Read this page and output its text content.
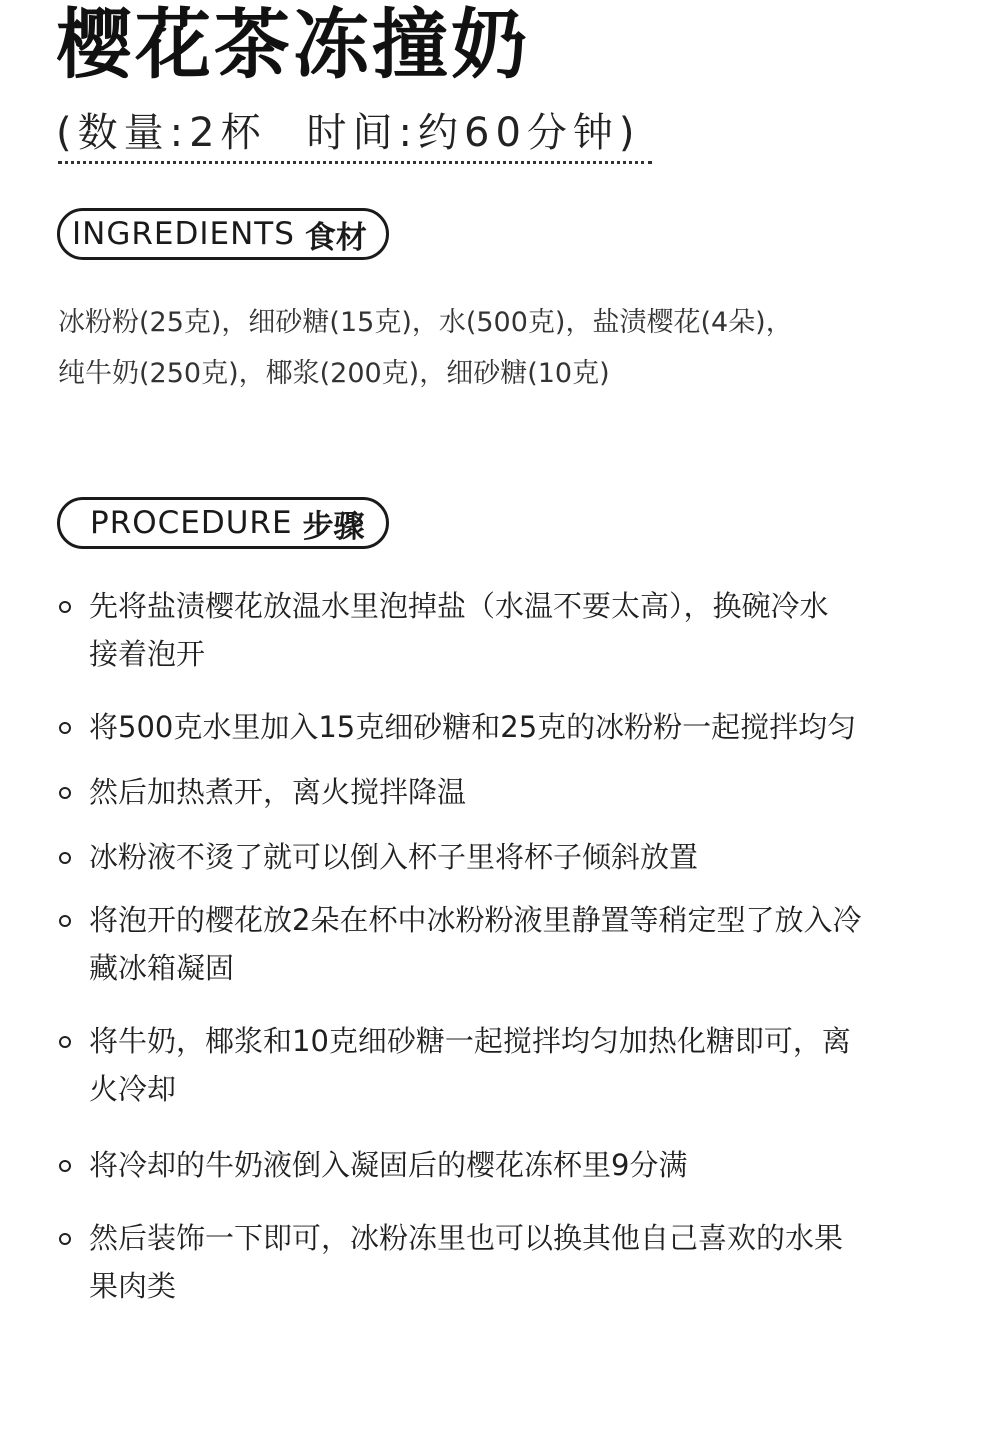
樱花茶冻撞奶
(数量:2杯 时间:约60分钟)
INGREDIENTS 食材
冰粉粉(25克)，细砂糖(15克)，水(500克)，盐渍樱花(4朵)，
纯牛奶(250克)，椰浆(200克)，细砂糖(10克)
PROCEDURE 步骤
先将盐渍樱花放温水里泡掉盐（水温不要太高），换碗冷水
接着泡开
将500克水里加入15克细砂糖和25克的冰粉粉一起搅拌均匀
然后加热煮开，离火搅拌降温
冰粉液不烫了就可以倒入杯子里将杯子倾斜放置
将泡开的樱花放2朵在杯中冰粉粉液里静置等稍定型了放入冷
藏冰箱凝固
将牛奶，椰浆和10克细砂糖一起搅拌均匀加热化糖即可，离
火冷却
将冷却的牛奶液倒入凝固后的樱花冻杯里9分满
然后装饰一下即可，冰粉冻里也可以换其他自己喜欢的水果
果肉类
